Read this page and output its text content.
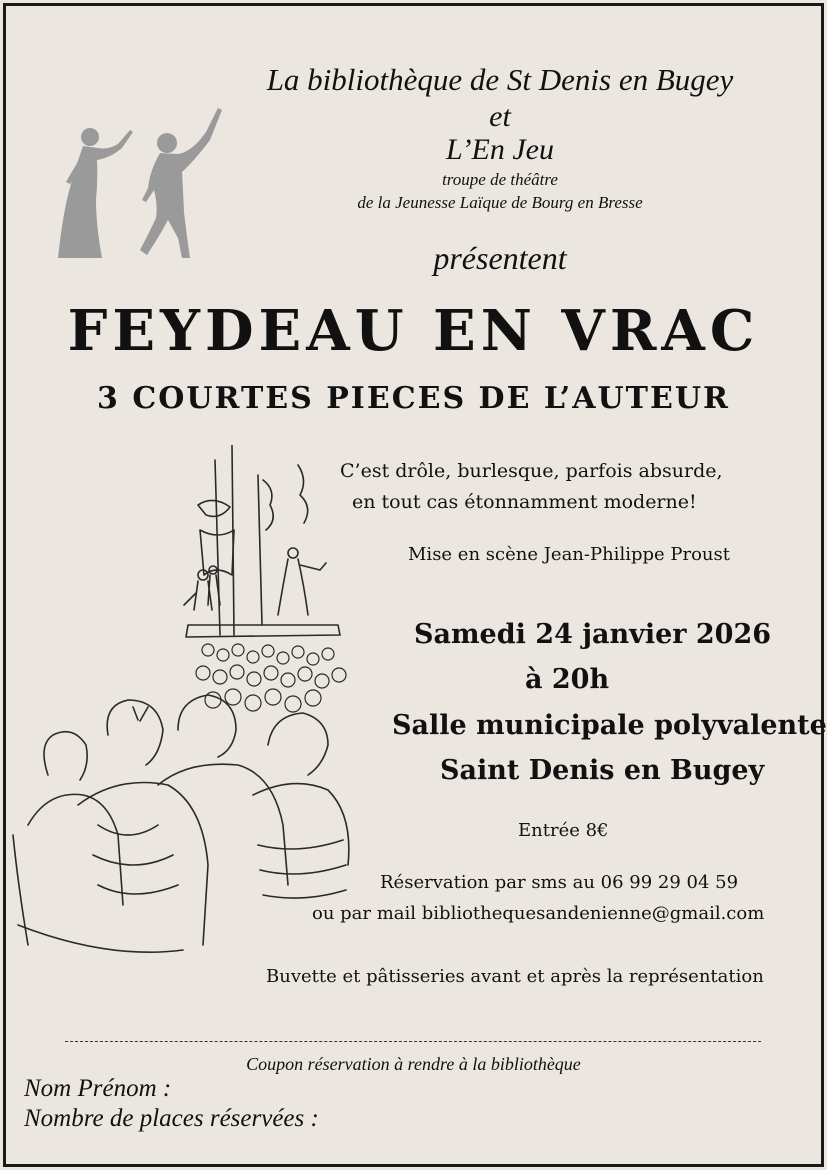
La bibliothèque de St Denis en Bugey
et
L’En Jeu
troupe de théâtre
de la Jeunesse Laïque de Bourg en Bresse
présentent
FEYDEAU EN VRAC
3 COURTES PIECES DE L’AUTEUR
C’est drôle, burlesque, parfois absurde,
en tout cas étonnamment moderne!
Mise en scène Jean-Philippe Proust
Samedi 24 janvier 2026
à 20h
Salle municipale polyvalente
Saint Denis en Bugey
Entrée 8€
Réservation par sms au 06 99 29 04 59
ou par mail bibliothequesandenienne@gmail.com
Buvette et pâtisseries avant et après la représentation
Coupon réservation à rendre à la bibliothèque
Nom Prénom :
Nombre de places réservées :
